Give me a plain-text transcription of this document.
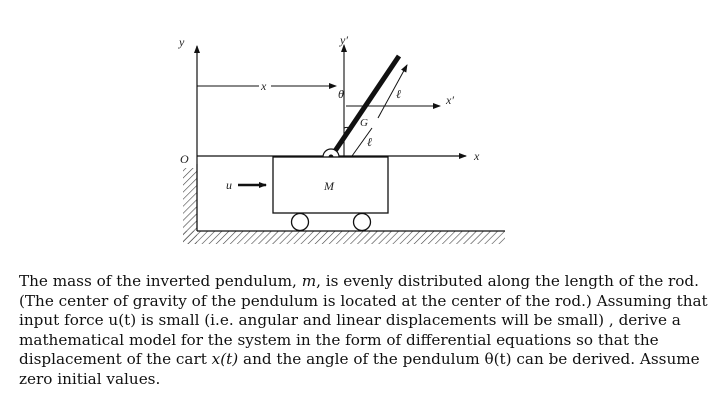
y
x
O
x
y′
x′
θ
G
ℓ
ℓ
M
u

The mass of the inverted pendulum, m, is evenly distributed along the length of the rod. (The center of gravity of the pendulum is located at the center of the rod.) Assuming that input force u(t) is small (i.e. angular and linear displacements will be small) , derive a mathematical model for the system in the form of differential equations so that the displacement of the cart x(t) and the angle of the pendulum θ(t) can be derived. Assume zero initial values.
